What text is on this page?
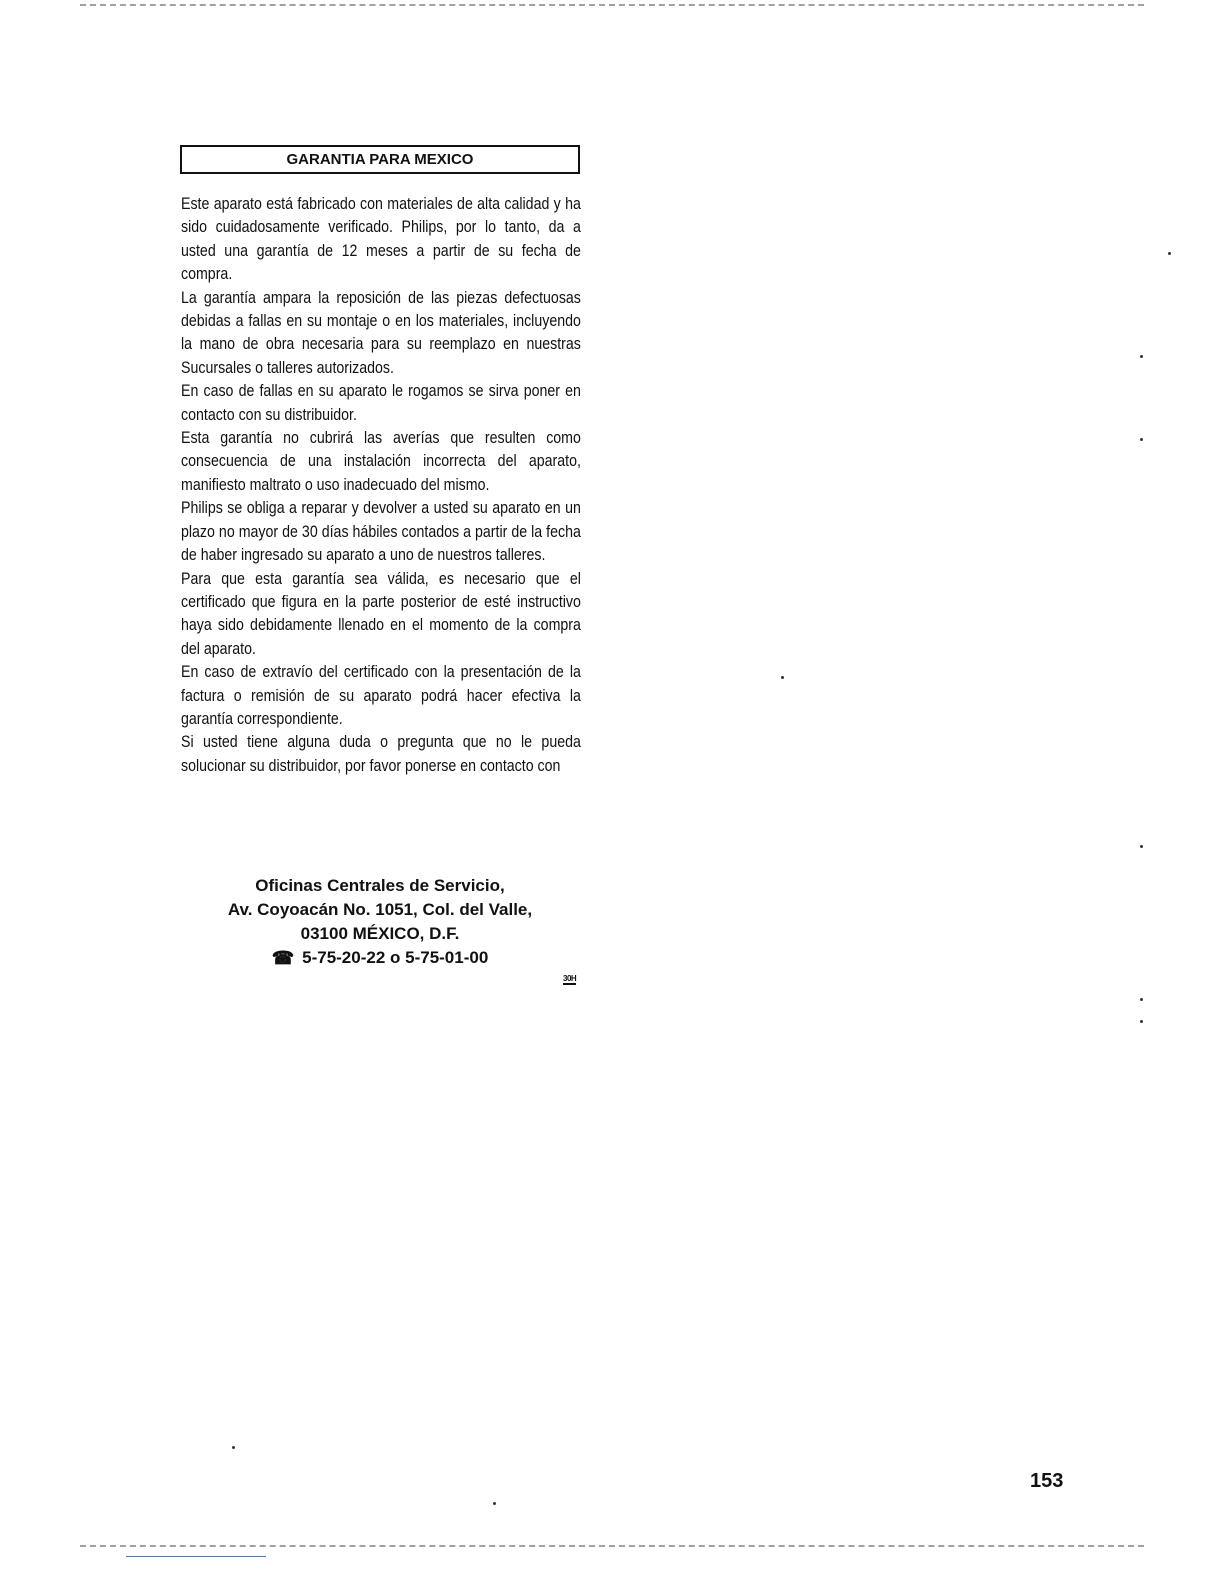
GARANTIA PARA MEXICO

Este aparato está fabricado con materiales de alta calidad y ha sido cuidadosamente verificado. Philips, por lo tanto, da a usted una garantía de 12 meses a partir de su fecha de compra.

La garantía ampara la reposición de las piezas defectuosas debidas a fallas en su montaje o en los materiales, incluyendo la mano de obra necesaria para su reemplazo en nuestras Sucursales o talleres autorizados.

En caso de fallas en su aparato le rogamos se sirva poner en contacto con su distribuidor.

Esta garantía no cubrirá las averías que resulten como consecuencia de una instalación incorrecta del aparato, manifiesto maltrato o uso inadecuado del mismo.

Philips se obliga a reparar y devolver a usted su aparato en un plazo no mayor de 30 días hábiles contados a partir de la fecha de haber ingresado su aparato a uno de nuestros talleres.

Para que esta garantía sea válida, es necesario que el certificado que figura en la parte posterior de esté instructivo haya sido debidamente llenado en el momento de la compra del aparato.

En caso de extravío del certificado con la presentación de la factura o remisión de su aparato podrá hacer efectiva la garantía correspondiente.

Si usted tiene alguna duda o pregunta que no le pueda solucionar su distribuidor, por favor ponerse en contacto con

Oficinas Centrales de Servicio,
Av. Coyoacán No. 1051, Col. del Valle,
03100 MÉXICO, D.F.
☎ 5-75-20-22 o 5-75-01-00
30H
153
